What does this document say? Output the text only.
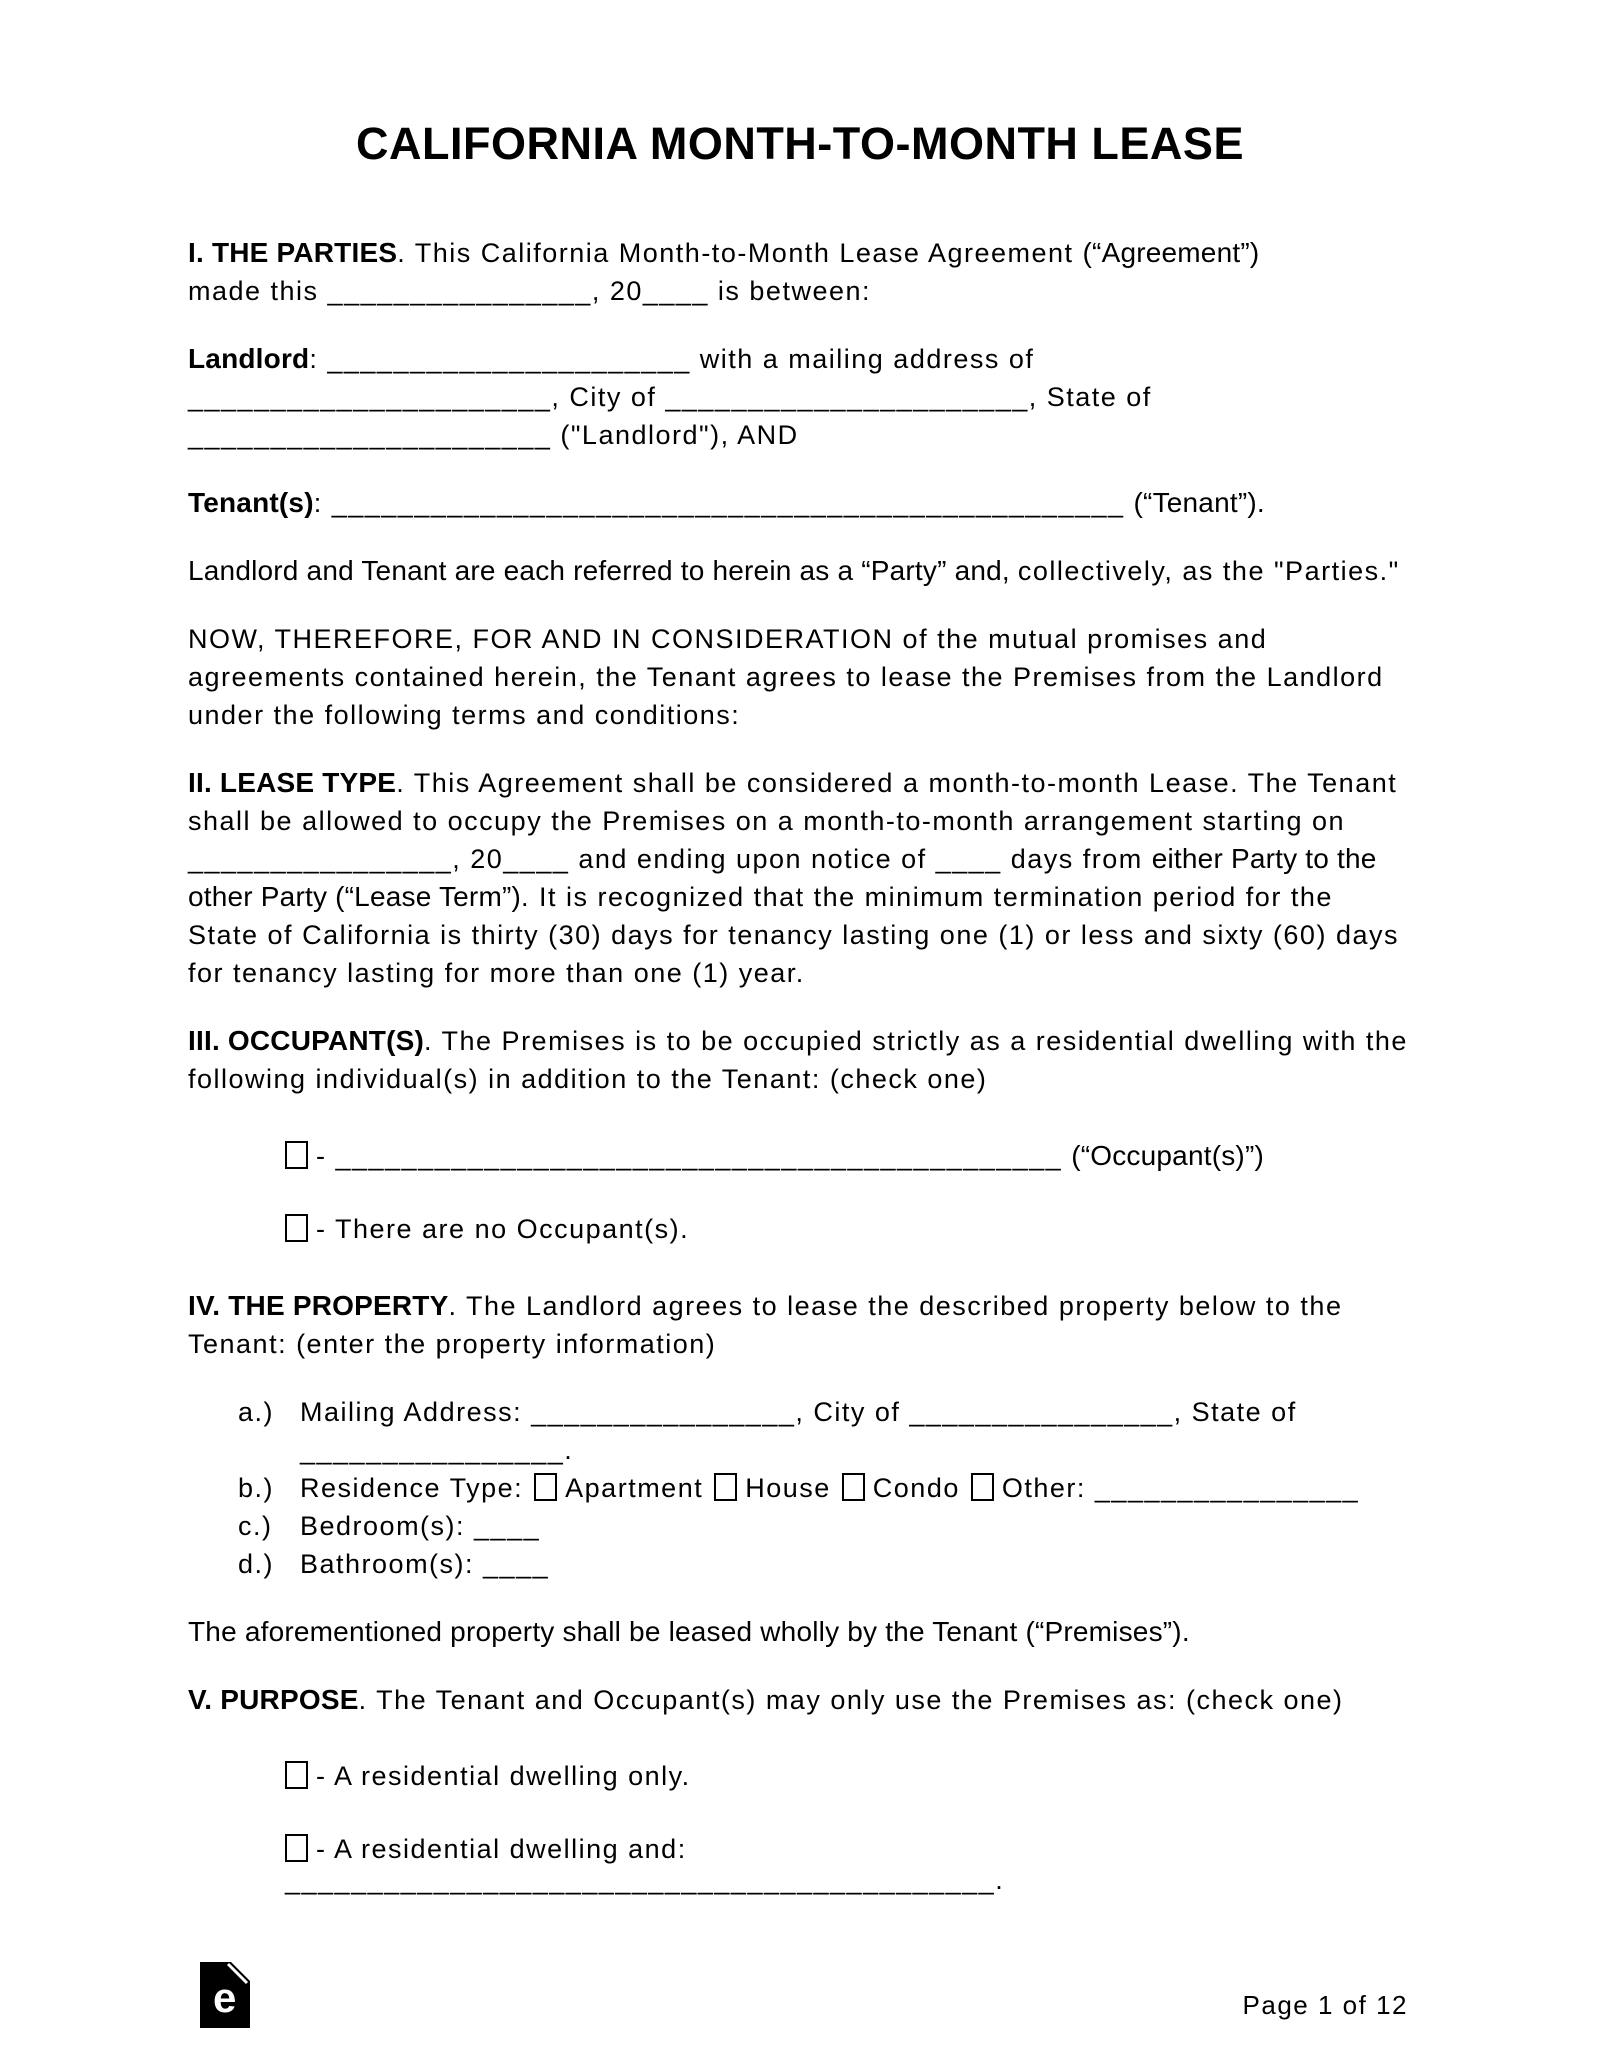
CALIFORNIA MONTH-TO-MONTH LEASE

I. THE PARTIES. This California Month-to-Month Lease Agreement (“Agreement”)
made this ________________, 20____ is between:

Landlord: ______________________ with a mailing address of
______________________, City of ______________________, State of
______________________ ("Landlord"), AND

Tenant(s): ________________________________________________ (“Tenant”).

Landlord and Tenant are each referred to herein as a “Party” and, collectively, as the "Parties."

NOW, THEREFORE, FOR AND IN CONSIDERATION of the mutual promises and agreements contained herein, the Tenant agrees to lease the Premises from the Landlord under the following terms and conditions:

II. LEASE TYPE. This Agreement shall be considered a month-to-month Lease. The Tenant shall be allowed to occupy the Premises on a month-to-month arrangement starting on ________________, 20____ and ending upon notice of ____ days from either Party to the other Party (“Lease Term”). It is recognized that the minimum termination period for the State of California is thirty (30) days for tenancy lasting one (1) or less and sixty (60) days for tenancy lasting for more than one (1) year.

III. OCCUPANT(S). The Premises is to be occupied strictly as a residential dwelling with the following individual(s) in addition to the Tenant: (check one)

- ____________________________________________ (“Occupant(s)”)
- There are no Occupant(s).

IV. THE PROPERTY. The Landlord agrees to lease the described property below to the Tenant: (enter the property information)

a.) Mailing Address: ________________, City of ________________, State of ________________.
b.) Residence Type: Apartment House Condo Other: ________________
c.)	Bedroom(s): ____
d.) Bathroom(s): ____

The aforementioned property shall be leased wholly by the Tenant (“Premises”).

V. PURPOSE. The Tenant and Occupant(s) may only use the Premises as: (check one)

- A residential dwelling only.
- A residential dwelling and: ___________________________________________.
e	Page 1 of 12
